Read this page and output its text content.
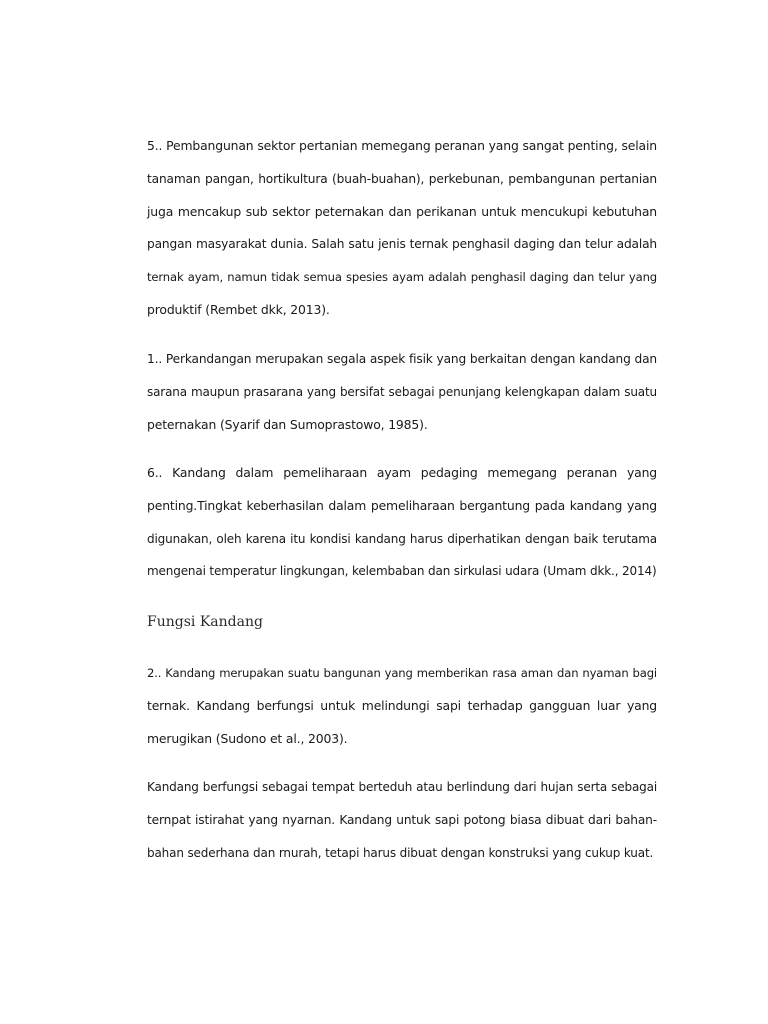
5.. Pembangunan sektor pertanian memegang peranan yang sangat penting, selain
tanaman pangan, hortikultura (buah-buahan), perkebunan, pembangunan pertanian
juga mencakup sub sektor peternakan dan perikanan untuk mencukupi kebutuhan
pangan masyarakat dunia. Salah satu jenis ternak penghasil daging dan telur adalah
ternak ayam, namun tidak semua spesies ayam adalah penghasil daging dan telur yang
produktif (Rembet dkk, 2013).
1.. Perkandangan merupakan segala aspek fisik yang berkaitan dengan kandang dan
sarana maupun prasarana yang bersifat sebagai penunjang kelengkapan dalam suatu
peternakan (Syarif dan Sumoprastowo, 1985).
6.. Kandang dalam pemeliharaan ayam pedaging memegang peranan yang
penting.Tingkat keberhasilan dalam pemeliharaan bergantung pada kandang yang
digunakan, oleh karena itu kondisi kandang harus diperhatikan dengan baik terutama
mengenai temperatur lingkungan, kelembaban dan sirkulasi udara (Umam dkk., 2014)
Fungsi Kandang
2.. Kandang merupakan suatu bangunan yang memberikan rasa aman dan nyaman bagi
ternak. Kandang berfungsi untuk melindungi sapi terhadap gangguan luar yang
merugikan (Sudono et al., 2003).
Kandang berfungsi sebagai tempat berteduh atau berlindung dari hujan serta sebagai
ternpat istirahat yang nyarnan. Kandang untuk sapi potong biasa dibuat dari bahan-
bahan sederhana dan rnurah, tetapi harus dibuat dengan konstruksi yang cukup kuat.
